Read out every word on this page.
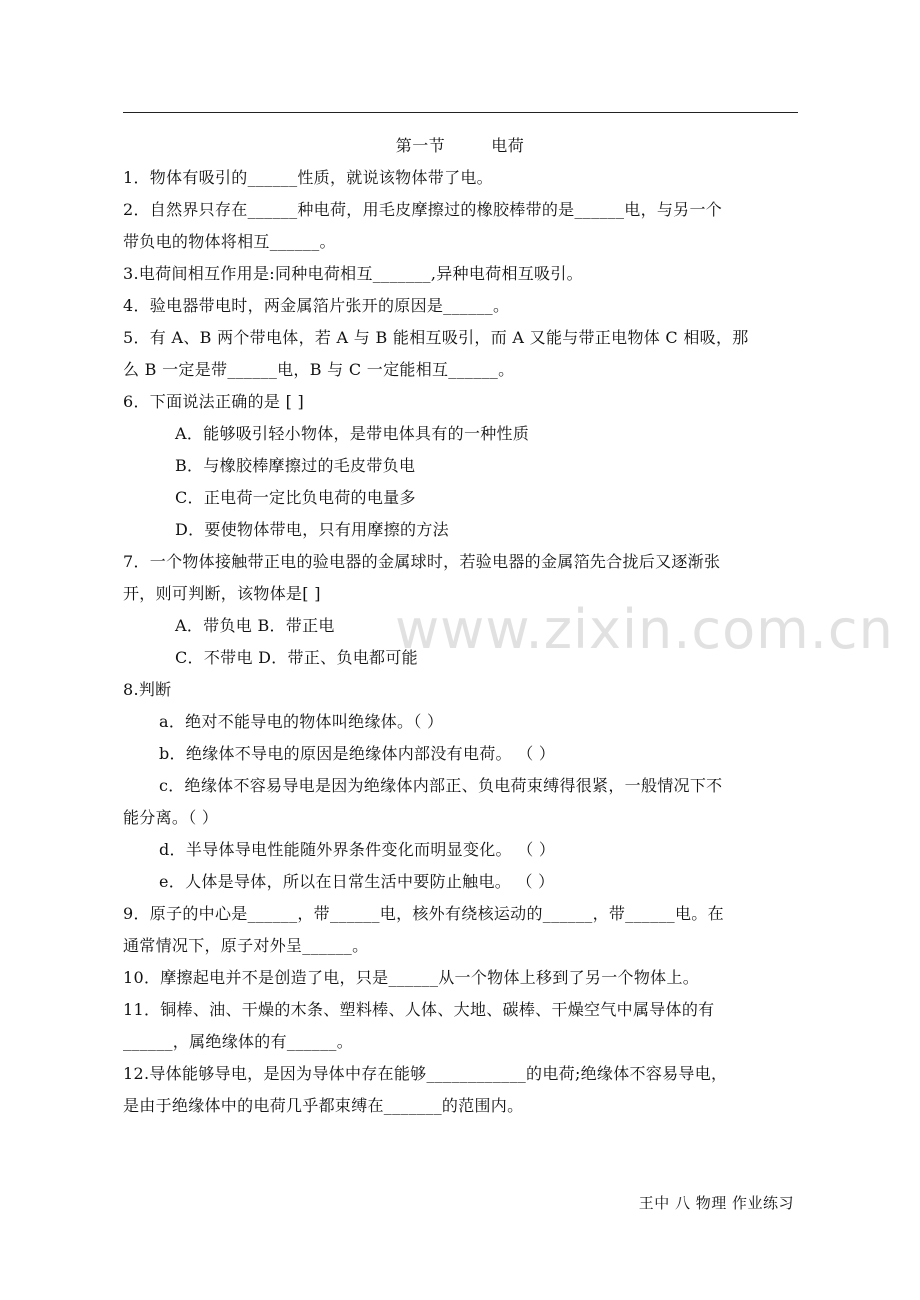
第一节	电荷
1．物体有吸引的______性质，就说该物体带了电。
2．自然界只存在______种电荷，用毛皮摩擦过的橡胶棒带的是______电，与另一个
带负电的物体将相互______。
3.电荷间相互作用是:同种电荷相互_______,异种电荷相互吸引。
4．验电器带电时，两金属箔片张开的原因是______。
5．有 A、B 两个带电体，若 A 与 B 能相互吸引，而 A 又能与带正电物体 C 相吸，那
么 B 一定是带______电，B 与 C 一定能相互______。
6．下面说法正确的是 [ ]
A．能够吸引轻小物体，是带电体具有的一种性质
B．与橡胶棒摩擦过的毛皮带负电
C．正电荷一定比负电荷的电量多
D．要使物体带电，只有用摩擦的方法
7．一个物体接触带正电的验电器的金属球时，若验电器的金属箔先合拢后又逐渐张
开，则可判断，该物体是[ ]
A．带负电 B．带正电
C．不带电 D．带正、负电都可能
8.判断
a．绝对不能导电的物体叫绝缘体。（ ）
b．绝缘体不导电的原因是绝缘体内部没有电荷。 （ ）
c．绝缘体不容易导电是因为绝缘体内部正、负电荷束缚得很紧，一般情况下不
能分离。（ ）
d．半导体导电性能随外界条件变化而明显变化。 （ ）
e．人体是导体，所以在日常生活中要防止触电。 （ ）
9．原子的中心是______，带______电，核外有绕核运动的______，带______电。在
通常情况下，原子对外呈______。
10．摩擦起电并不是创造了电，只是______从一个物体上移到了另一个物体上。
11．铜棒、油、干燥的木条、塑料棒、人体、大地、碳棒、干燥空气中属导体的有
______，属绝缘体的有______。
12.导体能够导电，是因为导体中存在能够____________的电荷;绝缘体不容易导电，
是由于绝缘体中的电荷几乎都束缚在_______的范围内。
www.zixin.com.cn
王中 八 物理 作业练习
